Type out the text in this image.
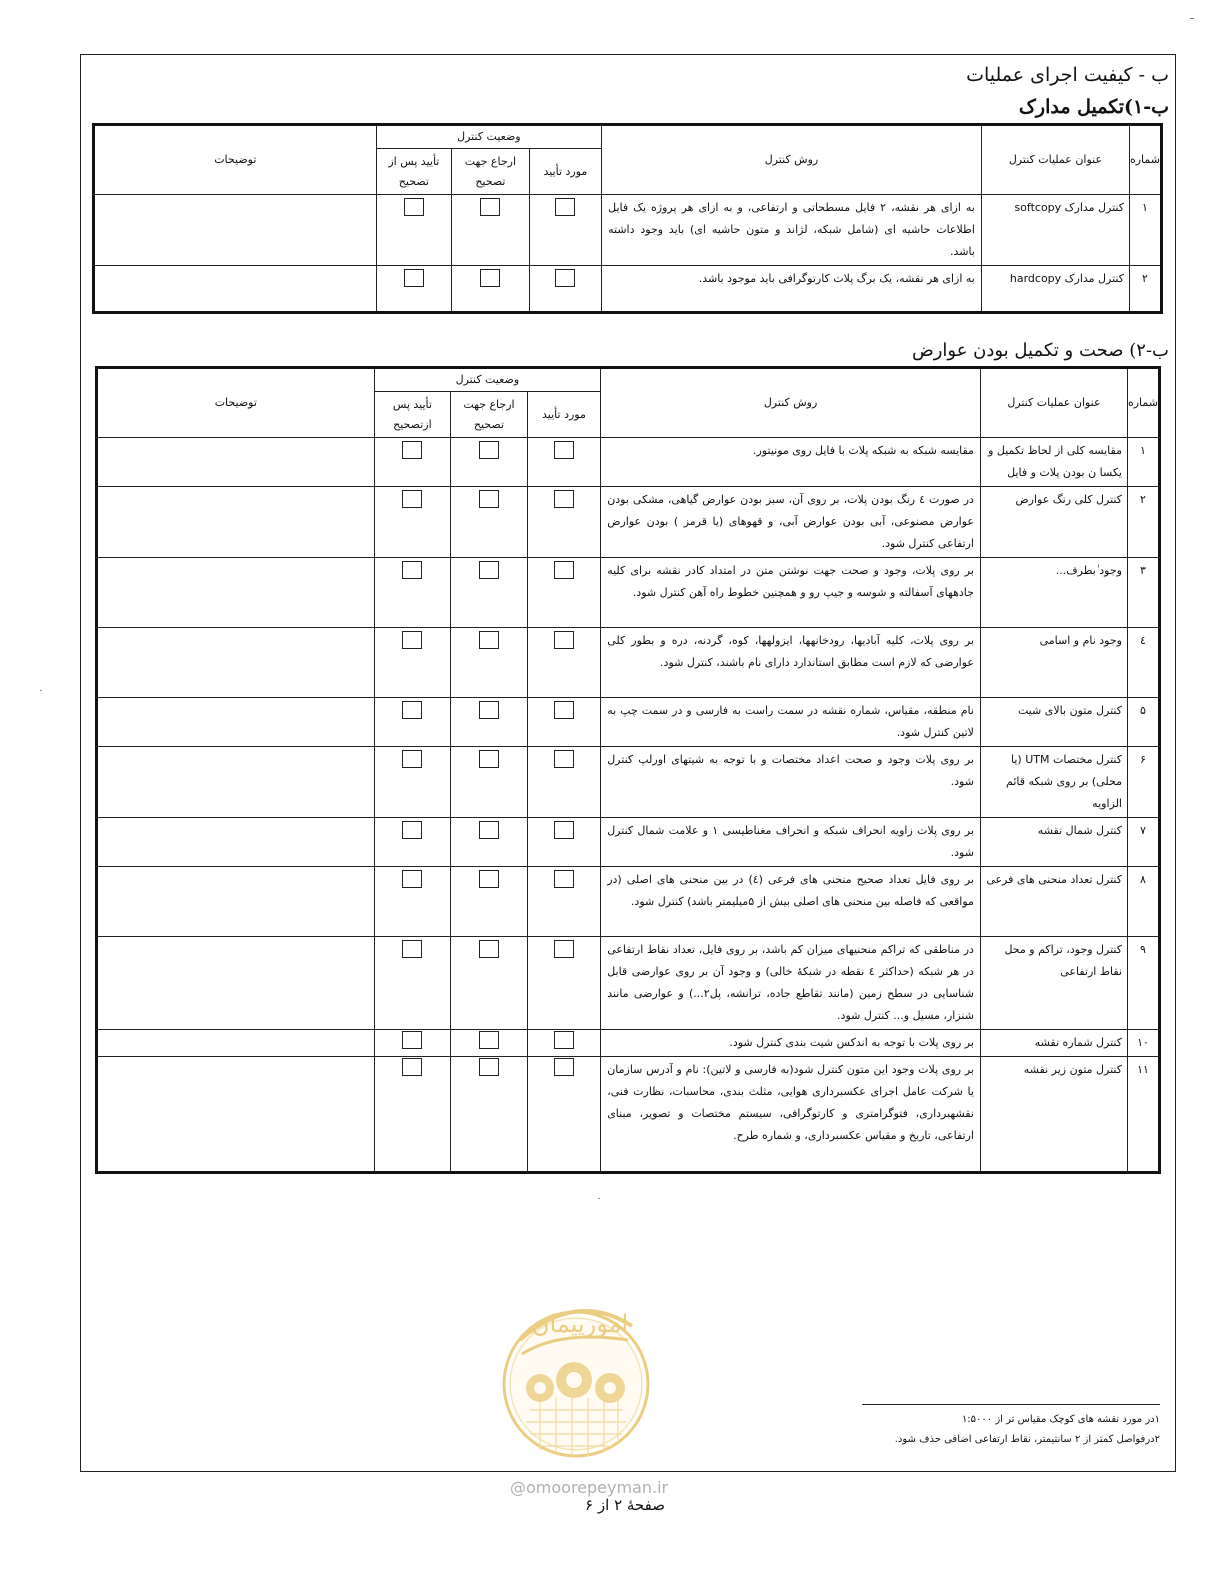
ب - کیفیت اجرای عملیات
ب-۱)تکمیل مدارک
شماره	عنوان عملیات کنترل	روش کنترل	وضعیت کنترل			توضیحات
			مورد تأیید	ارجاع جهت تصحیح	تأیید پس از تصحیح	
۱	کنترل مدارک softcopy	به ازای هر نقشه، ۲ فایل مسطحاتی و ارتفاعی، و به ازای هر پروژه یک فایل اطلاعات حاشیه ای (شامل شبکه، لژاند و متون حاشیه ای) باید وجود داشته باشد.				
۲	کنترل مدارک hardcopy	به ازای هر نقشه، یک برگ پلات کارتوگرافی باید موجود باشد.				
ب-۲) صحت و تکمیل بودن عوارض
شماره	عنوان عملیات کنترل	روش کنترل	وضعیت کنترل			توضیحات
			مورد تأیید	ارجاع جهت تصحیح	تأیید پس ازتصحیح	
۱	مقایسه کلی از لحاظ تکمیل و یکسا ن بودن پلات و فایل	مقایسه شبکه به شبکه پلات با فایل روی مونیتور.				
۲	کنترل کلی رنگ عوارض	در صورت ٤ رنگ بودن پلات، بر روی آن، سبز بودن عوارض گیاهی، مشکی بودن عوارض مصنوعی، آبی بودن عوارض آبی، و قهوهای (یا قرمز ) بودن عوارض ارتفاعی کنترل شود.				
۳	وجود ٰبطرف...	بر روی پلات، وجود و صحت جهت نوشتن متن در امتداد کادر نقشه برای کلیه جادههای آسفالته و شوسه و جیپ رو و همچنین خطوط راه آهن کنترل شود.				
٤	وجود نام و اسامی	بر روی پلات، کلیه آبادیها، رودخانهها، ایزولهها، کوه، گردنه، دره و بطور کلی عوارضی که لازم است مطابق استاندارد دارای نام باشند، کنترل شود.				
۵	کنترل متون بالای شیت	نام منطقه، مقیاس، شماره نقشه در سمت راست به فارسی و در سمت چپ به لاتین کنترل شود.				
۶	کنترل مختصات UTM (یا محلی) بر روی شبکه قائم الزاویه	بر روی پلات وجود و صحت اعداد مختصات و با توجه به شیتهای اورلپ کنترل شود.				
۷	کنترل شمال نقشه	بر روی پلات زاویه انحراف شبکه و انحراف مغناطیسی ۱ و علامت شمال کنترل شود.				
۸	کنترل تعداد منحنی های فرعی	بر روی فایل تعداد صحیح منحنی های فرعی (٤) در بین منحنی های اصلی (در مواقعی که فاصله بین منحنی های اصلی بیش از ۵میلیمتر باشد) کنترل شود.				
۹	کنترل وجود، تراکم و محل نقاط ارتفاعی	در مناطقی که تراکم منحنیهای میزان کم باشد، بر روی فایل، تعداد نقاط ارتفاعی در هر شبکه (حداکثر ٤ نقطه در شبکهٔ خالی) و وجود آن بر روی عوارضی قابل شناسایی در سطح زمین (مانند تقاطع جاده، ترانشه، پل۲...) و عوارضی مانند شنزار، مسیل و... کنترل شود.				
۱۰	کنترل شماره نقشه	بر روی پلات با توجه به اندکس شیت بندی کنترل شود.				
۱۱	کنترل متون زیر نقشه	بر روی پلات وجود این متون کنترل شود(به فارسی و لاتین): نام و آدرس سازمان یا شرکت عامل اجرای عکسبرداری هوایی، مثلث بندی، محاسبات، نظارت فنی، نقشهبرداری، فتوگرامتری و کارتوگرافی، سیستم مختصات و تصویر، مبنای ارتفاعی، تاریخ و مقیاس عکسبرداری، و شماره طرح.				
امورپیمان
۱در مورد نقشه های کوچک مقیاس تر از ۱:۵۰۰۰
۲درفواصل کمتر از ۲ سانتیمتر، نقاط ارتفاعی اضافی حذف شود.
@omoorepeyman.ir
صفحهٔ ۲ از ۶
